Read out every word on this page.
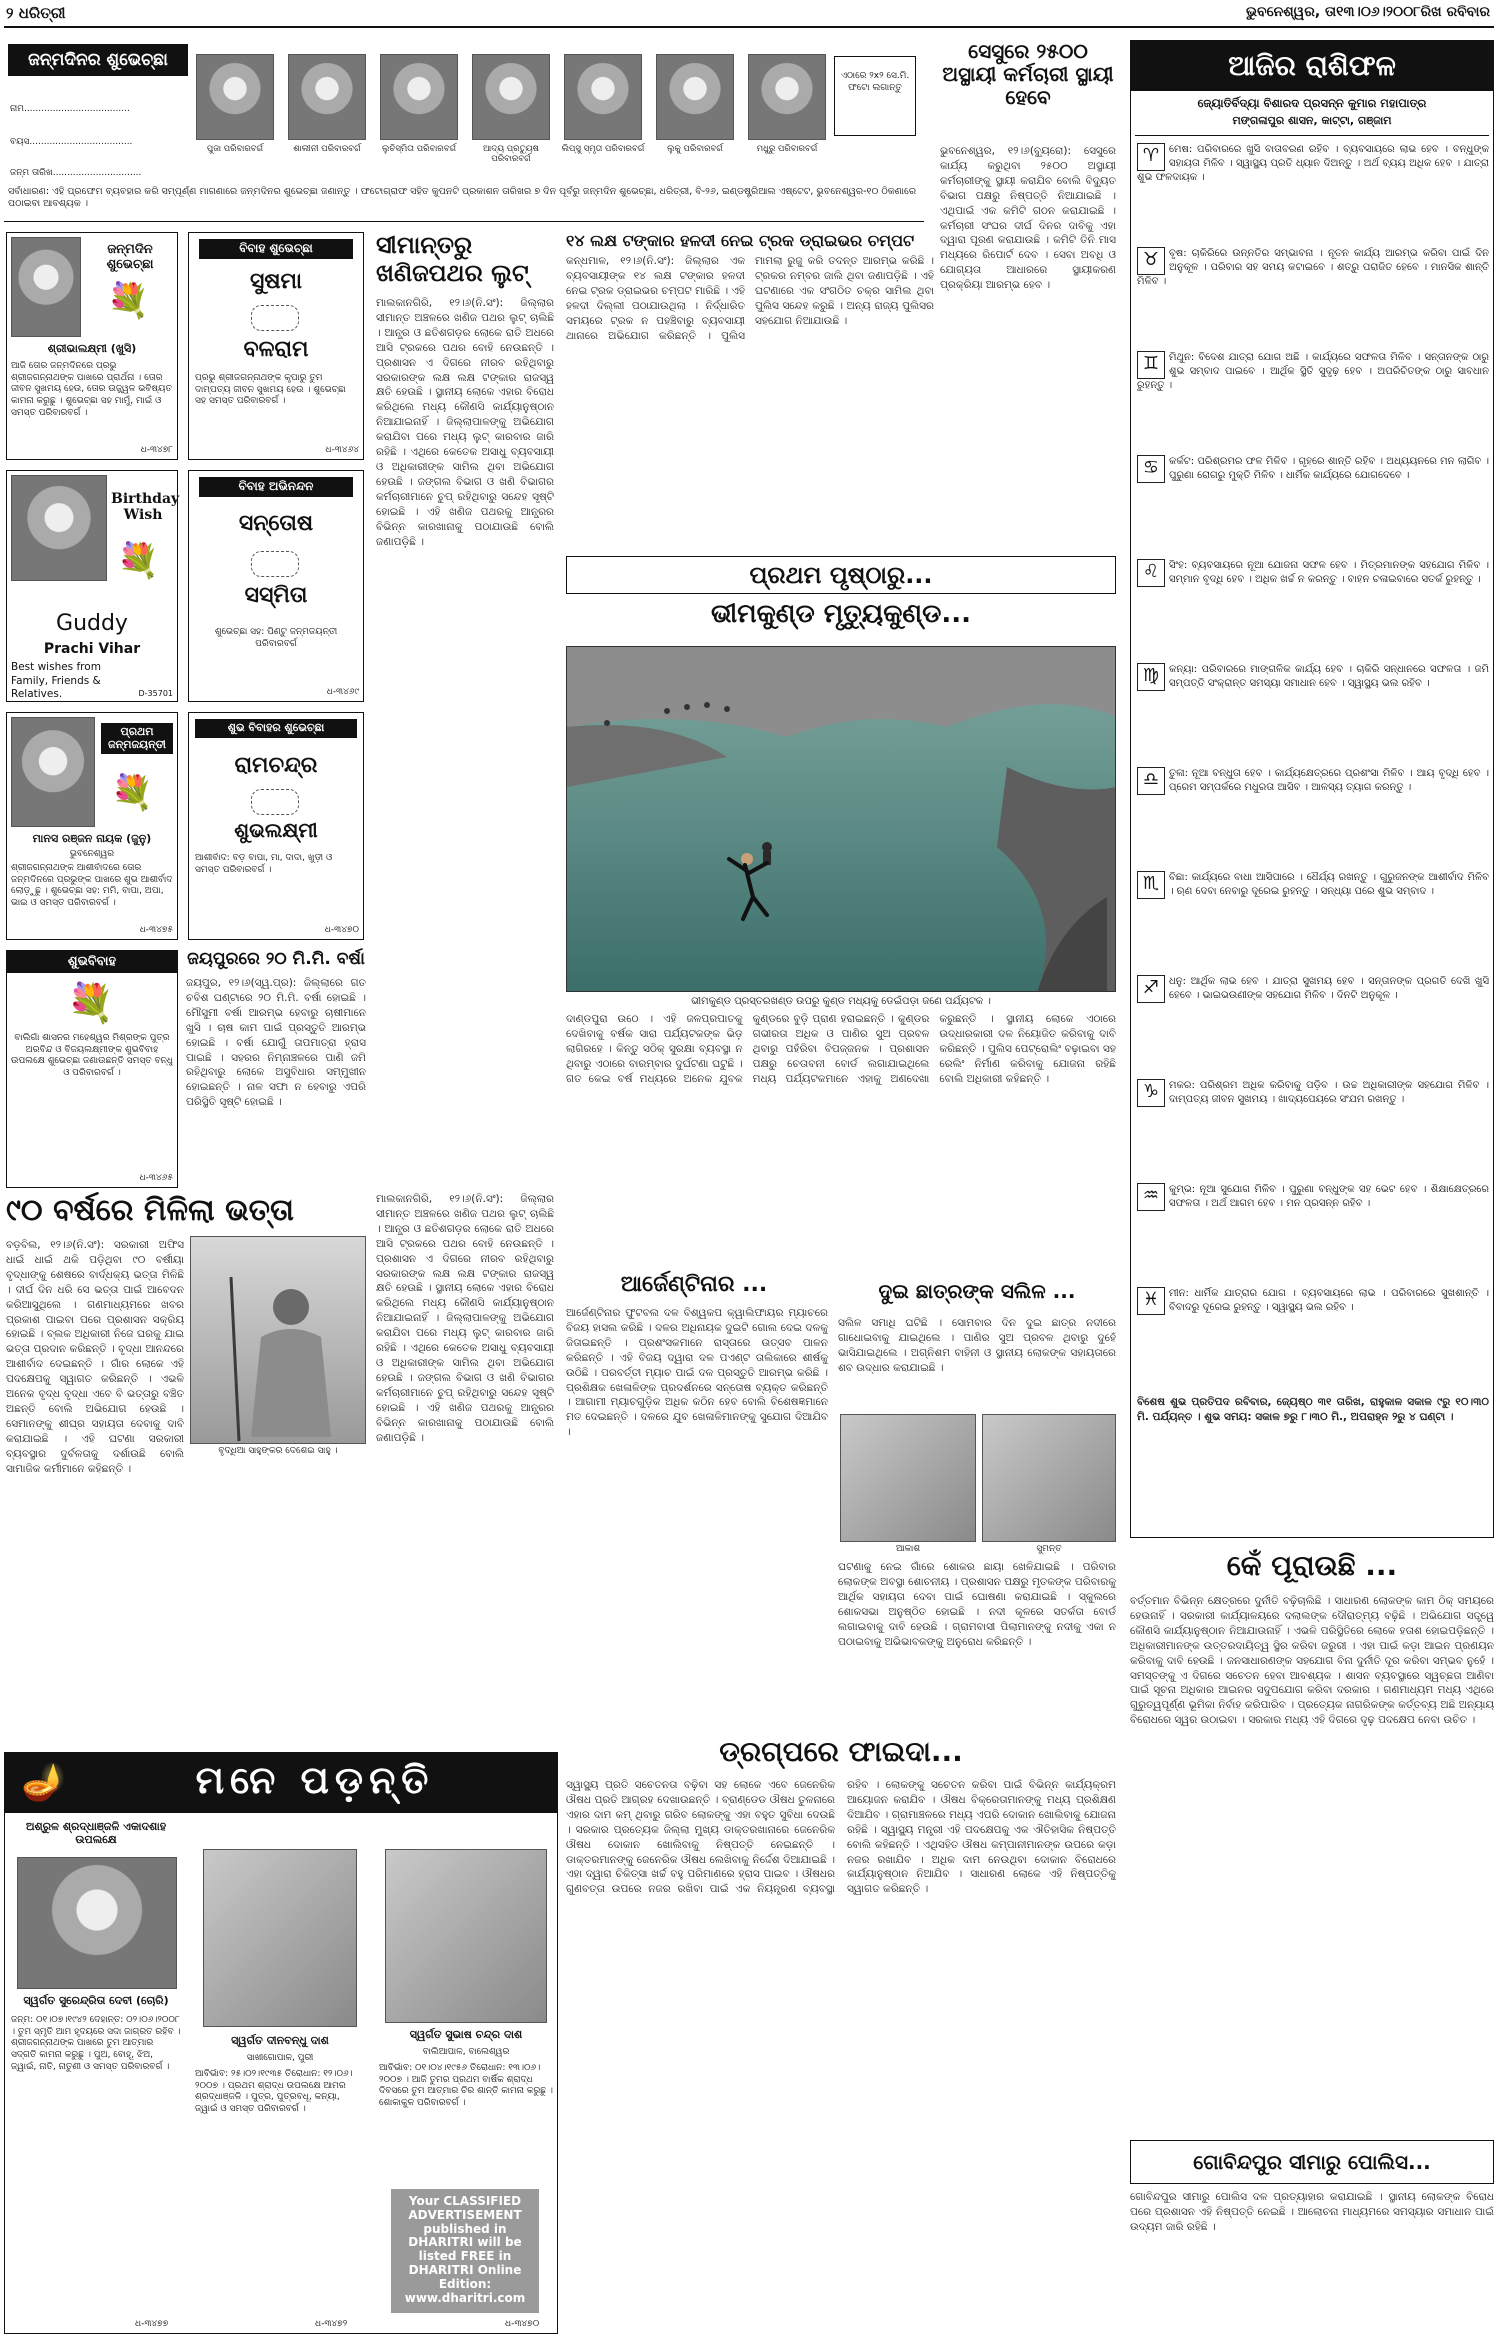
୨ ଧରିତ୍ରୀ	ଭୁବନେଶ୍ୱର, ତା୧୩।୦୬।୨୦୦୮ରିଖ ରବିବାର
ଜନ୍ମଦିନର ଶୁଭେଚ୍ଛା
ନାମ.....................................
ବୟସ....................................
ଜନ୍ମ ତାରିଖ...............................
ପୁଜା ପରିବାରବର୍ଗ	ଶାଲୀନୀ ପରିବାରବର୍ଗ	ଲୁଚିସ୍ମିତା ପରିବାରବର୍ଗ	ଆଦ୍ୟ ପ୍ରତ୍ୟୁଷ ପରିବାରବର୍ଗ
ଲିପ୍ସୁ ସ୍ମୃତା ପରିବାରବର୍ଗ	ଲୁକୁ ପରିବାରବର୍ଗ	ମଧୁରୁ ପରିବାରବର୍ଗ
ଏଠାରେ ୨x୨ ସେ.ମି. ଫଟୋ ଲଗାନ୍ତୁ
ସର୍ବାଧାରଣ: ଏହି ପ୍ରଫେମ ବ୍ୟବହାର କରି ସମ୍ପୂର୍ଣ୍ଣ ମାଗଣାରେ ଜନ୍ମଦିନର ଶୁଭେଚ୍ଛା ଜଣାନ୍ତୁ । ଫଟୋଗ୍ରାଫ ସହିତ କୁପନଟି ପ୍ରକାଶନ ତାରିଖର ୭ ଦିନ ପୂର୍ବରୁ ଜନ୍ମଦିନ ଶୁଭେଚ୍ଛା, ଧରିତ୍ରୀ, ବି-୨୬, ଇଣ୍ଡଷ୍ଟ୍ରିଆଲ ଏଷ୍ଟେଟ, ଭୁବନେଶ୍ୱର-୧୦ ଠିକଣାରେ ପଠାଇବା ଆବଶ୍ୟକ ।
ଜନ୍ମଦିନ ଶୁଭେଚ୍ଛା
💐
ଶ୍ରୀଭାଲକ୍ଷ୍ମୀ (ଖୁସି)
ଆଜି ତୋର ଜନ୍ମଦିନରେ ପ୍ରଭୁ ଶ୍ରୀଜଗନ୍ନାଥଙ୍କ ପାଖରେ ପ୍ରାର୍ଥନା । ତୋର ଜୀବନ ସୁଖମୟ ହେଉ, ତୋର ଉଜ୍ଜ୍ୱଳ ଭବିଷ୍ୟତ କାମନା କରୁଛୁ । ଶୁଭେଚ୍ଛା ସହ ମାମୁଁ, ମାଇଁ ଓ ସମସ୍ତ ପରିବାରବର୍ଗ ।
ଧ-୩୪୭୮
Birthday Wish
💐
Guddy
Prachi Vihar
Best wishes from Family, Friends & Relatives.	D-35701
ପ୍ରଥମ ଜନ୍ମଜୟନ୍ତୀ
💐
ମାନସ ରଞ୍ଜନ ନାୟକ (ଜୁନୁ)
ଭୁବନେଶ୍ୱର
ଶ୍ରୀଜଗନ୍ନାଥଙ୍କ ଆଶୀର୍ବାଦରେ ତୋର ଜନ୍ମଦିନରେ ପ୍ରଭୁଙ୍କ ପାଖରେ ଶୁଭ ଆଶୀର୍ବାଦ ଲୋଡ଼ୁଛୁ । ଶୁଭେଚ୍ଛା ସହ: ମମି, ବାପା, ଅପା, ଭାଇ ଓ ସମସ୍ତ ପରିବାରବର୍ଗ ।
ଧ-୩୪୭୫
ଶୁଭବିବାହ
💐
ବାଲିଗାଁ ଶାସନର ମହେଶ୍ୱର ମିଶ୍ରଙ୍କ ପୁତ୍ର ଅରବିନ୍ଦ ଓ ବିଜୟଲକ୍ଷ୍ମୀଙ୍କ ଶୁଭବିବାହ ଉପଲକ୍ଷେ ଶୁଭେଚ୍ଛା ଜଣାଉଛନ୍ତି ସମସ୍ତ ବନ୍ଧୁ ଓ ପରିବାରବର୍ଗ ।
ଧ-୩୪୬୫
ବିବାହ ଶୁଭେଚ୍ଛା
ସୁଷମା
ବଳରାମ
ପ୍ରଭୁ ଶ୍ରୀଜଗନ୍ନାଥଙ୍କ କୃପାରୁ ତୁମ ଦାମ୍ପତ୍ୟ ଜୀବନ ସୁଖମୟ ହେଉ । ଶୁଭେଚ୍ଛା ସହ ସମସ୍ତ ପରିବାରବର୍ଗ ।
ଧ-୩୪୬୪
ବିବାହ ଅଭିନନ୍ଦନ
ସନ୍ତୋଷ
ସସ୍ମିତା
ଶୁଭେଚ୍ଛା ସହ: ପିଣ୍ଟୁ ଜନ୍ମଜୟନ୍ତୀ ପରିବାରବର୍ଗ
ଧ-୩୪୬୯
ଶୁଭ ବିବାହର ଶୁଭେଚ୍ଛା
ରାମଚନ୍ଦ୍ର
ଶୁଭଲକ୍ଷ୍ମୀ
ଆଶୀର୍ବାଦ: ବଡ଼ ବାପା, ମା, ଦାଦା, ଖୁଡ଼ୀ ଓ ସମସ୍ତ ପରିବାରବର୍ଗ ।
ଧ-୩୪୭୦
ଜୟପୁରରେ ୨୦ ମି.ମି. ବର୍ଷା
ଜୟପୁର, ୧୨।୬(ସ୍ୱ.ପ୍ର): ଜିଲ୍ଲାରେ ଗତ ଚବିଶ ଘଣ୍ଟାରେ ୨୦ ମି.ମି. ବର୍ଷା ହୋଇଛି । ମୌସୁମୀ ବର୍ଷା ଆରମ୍ଭ ହେବାରୁ ଚାଷୀମାନେ ଖୁସି । ଚାଷ କାମ ପାଇଁ ପ୍ରସ୍ତୁତି ଆରମ୍ଭ ହୋଇଛି । ବର୍ଷା ଯୋଗୁଁ ତାପମାତ୍ରା ହ୍ରାସ ପାଇଛି । ସହରର ନିମ୍ନାଞ୍ଚଳରେ ପାଣି ଜମି ରହିଥିବାରୁ ଲୋକେ ଅସୁବିଧାର ସମ୍ମୁଖୀନ ହୋଇଛନ୍ତି । ନାଳ ସଫା ନ ହେବାରୁ ଏପରି ପରିସ୍ଥିତି ସୃଷ୍ଟି ହୋଇଛି ।
ସୀମାନ୍ତରୁ ଖଣିଜପଥର ଲୁଟ୍
ମାଲକାନଗିରି, ୧୨।୬(ନି.ସଂ): ଜିଲ୍ଲାର ସୀମାନ୍ତ ଅଞ୍ଚଳରେ ଖଣିଜ ପଥର ଲୁଟ୍ ଚାଲିଛି । ଆନ୍ଧ୍ର ଓ ଛତିଶଗଡ଼ର ଲୋକେ ରାତି ଅଧରେ ଆସି ଟ୍ରକରେ ପଥର ବୋହି ନେଉଛନ୍ତି । ପ୍ରଶାସନ ଏ ଦିଗରେ ନୀରବ ରହିଥିବାରୁ ସରକାରଙ୍କ ଲକ୍ଷ ଲକ୍ଷ ଟଙ୍କାର ରାଜସ୍ୱ କ୍ଷତି ହେଉଛି । ସ୍ଥାନୀୟ ଲୋକେ ଏହାର ବିରୋଧ କରିଥିଲେ ମଧ୍ୟ କୌଣସି କାର୍ଯ୍ୟାନୁଷ୍ଠାନ ନିଆଯାଇନାହିଁ । ଜିଲ୍ଲାପାଳଙ୍କୁ ଅଭିଯୋଗ କରାଯିବା ପରେ ମଧ୍ୟ ଲୁଟ୍ କାରବାର ଜାରି ରହିଛି । ଏଥିରେ କେତେକ ଅସାଧୁ ବ୍ୟବସାୟୀ ଓ ଅଧିକାରୀଙ୍କ ସାମିଲ ଥିବା ଅଭିଯୋଗ ହେଉଛି । ଜଙ୍ଗଲ ବିଭାଗ ଓ ଖଣି ବିଭାଗର କର୍ମଚାରୀମାନେ ଚୁପ୍ ରହିଥିବାରୁ ସନ୍ଦେହ ସୃଷ୍ଟି ହୋଇଛି । ଏହି ଖଣିଜ ପଥରକୁ ଆନ୍ଧ୍ରର ବିଭିନ୍ନ କାରଖାନାକୁ ପଠାଯାଉଛି ବୋଲି ଜଣାପଡ଼ିଛି ।
୧୪ ଲକ୍ଷ ଟଙ୍କାର ହଳଦୀ ନେଇ ଟ୍ରକ ଡ୍ରାଇଭର ଚମ୍ପଟ
କନ୍ଧମାଳ, ୧୨।୬(ନି.ସଂ): ଜିଲ୍ଲାର ଏକ ବ୍ୟବସାୟୀଙ୍କ ୧୪ ଲକ୍ଷ ଟଙ୍କାର ହଳଦୀ ନେଇ ଟ୍ରକ ଡ୍ରାଇଭର ଚମ୍ପଟ ମାରିଛି । ଏହି ହଳଦୀ ଦିଲ୍ଲୀ ପଠାଯାଉଥିଲା । ନିର୍ଦ୍ଧାରିତ ସମୟରେ ଟ୍ରକ ନ ପହଞ୍ଚିବାରୁ ବ୍ୟବସାୟୀ ଥାନାରେ ଅଭିଯୋଗ କରିଛନ୍ତି । ପୁଲିସ ମାମଲା ରୁଜୁ କରି ତଦନ୍ତ ଆରମ୍ଭ କରିଛି । ଟ୍ରକର ନମ୍ବର ଜାଲି ଥିବା ଜଣାପଡ଼ିଛି । ଏହି ଘଟଣାରେ ଏକ ସଂଗଠିତ ଚକ୍ର ସାମିଲ ଥିବା ପୁଲିସ ସନ୍ଦେହ କରୁଛି । ଅନ୍ୟ ରାଜ୍ୟ ପୁଲିସର ସହଯୋଗ ନିଆଯାଉଛି ।
ସେସୁରେ ୨୫୦୦ ଅସ୍ଥାୟୀ କର୍ମଚାରୀ ସ୍ଥାୟୀ ହେବେ
ଭୁବନେଶ୍ୱର, ୧୨।୬(ବ୍ୟୁରୋ): ସେସୁରେ କାର୍ଯ୍ୟ କରୁଥିବା ୨୫୦୦ ଅସ୍ଥାୟୀ କର୍ମଚାରୀଙ୍କୁ ସ୍ଥାୟୀ କରାଯିବ ବୋଲି ବିଦ୍ୟୁତ ବିଭାଗ ପକ୍ଷରୁ ନିଷ୍ପତ୍ତି ନିଆଯାଇଛି । ଏଥିପାଇଁ ଏକ କମିଟି ଗଠନ କରାଯାଇଛି । କର୍ମଚାରୀ ସଂଘର ଦୀର୍ଘ ଦିନର ଦାବିକୁ ଏହା ଦ୍ୱାରା ପୂରଣ କରାଯାଉଛି । କମିଟି ତିନି ମାସ ମଧ୍ୟରେ ରିପୋର୍ଟ ଦେବ । ସେବା ଅବଧି ଓ ଯୋଗ୍ୟତା ଆଧାରରେ ସ୍ଥାୟୀକରଣ ପ୍ରକ୍ରିୟା ଆରମ୍ଭ ହେବ ।
ପ୍ରଥମ ପୃଷ୍ଠାରୁ...
ଭୀମକୁଣ୍ଡ ମୃତ୍ୟୁକୁଣ୍ଡ...
ଭୀମକୁଣ୍ଡ ପ୍ରସ୍ତରଖଣ୍ଡ ଉପରୁ କୁଣ୍ଡ ମଧ୍ୟକୁ ଡେଇଁପଡ଼ା ଜଣେ ପର୍ଯ୍ୟଟକ ।
ଦାଣ୍ଡପୁରା ଉଠେ । ଏହି ଜଳପ୍ରପାତକୁ ଦେଖିବାକୁ ବର୍ଷକ ସାରା ପର୍ଯ୍ୟଟକଙ୍କ ଭିଡ଼ ଲାଗିରହେ । କିନ୍ତୁ ସଠିକ୍ ସୁରକ୍ଷା ବ୍ୟବସ୍ଥା ନ ଥିବାରୁ ଏଠାରେ ବାରମ୍ବାର ଦୁର୍ଘଟଣା ଘଟୁଛି । ଗତ କେଇ ବର୍ଷ ମଧ୍ୟରେ ଅନେକ ଯୁବକ କୁଣ୍ଡରେ ବୁଡ଼ି ପ୍ରାଣ ହରାଇଛନ୍ତି । କୁଣ୍ଡର ଗଭୀରତା ଅଧିକ ଓ ପାଣିର ସୁଅ ପ୍ରବଳ ଥିବାରୁ ପହଁରିବା ବିପଜ୍ଜନକ । ପ୍ରଶାସନ ପକ୍ଷରୁ ଚେତାବନୀ ବୋର୍ଡ ଲଗାଯାଇଥିଲେ ମଧ୍ୟ ପର୍ଯ୍ୟଟକମାନେ ଏହାକୁ ଅଣଦେଖା କରୁଛନ୍ତି । ସ୍ଥାନୀୟ ଲୋକେ ଏଠାରେ ଉଦ୍ଧାରକାରୀ ଦଳ ନିୟୋଜିତ କରିବାକୁ ଦାବି କରିଛନ୍ତି । ପୁଲିସ ପେଟ୍ରୋଲିଂ ବଢ଼ାଇବା ସହ ରେଲିଂ ନିର୍ମାଣ କରିବାକୁ ଯୋଜନା ରହିଛି ବୋଲି ଅଧିକାରୀ କହିଛନ୍ତି ।
୯୦ ବର୍ଷରେ ମିଳିଲା ଭତ୍ତା
ବୃଦ୍ଧିଆ ସାହୁଙ୍କର ଦେଶେଇ ସାହୁ ।
ବଡ଼ବିଲ, ୧୨।୬(ନି.ସଂ): ସରକାରୀ ଅଫିସ ଧାଇଁ ଧାଇଁ ଥକି ପଡ଼ିଥିବା ୯୦ ବର୍ଷୀୟା ବୃଦ୍ଧାଙ୍କୁ ଶେଷରେ ବାର୍ଦ୍ଧକ୍ୟ ଭତ୍ତା ମିଳିଛି । ଦୀର୍ଘ ଦିନ ଧରି ସେ ଭତ୍ତା ପାଇଁ ଆବେଦନ କରିଆସୁଥିଲେ । ଗଣମାଧ୍ୟମରେ ଖବର ପ୍ରକାଶ ପାଇବା ପରେ ପ୍ରଶାସନ ସକ୍ରିୟ ହୋଇଛି । ବ୍ଲକ ଅଧିକାରୀ ନିଜେ ଘରକୁ ଯାଇ ଭତ୍ତା ପ୍ରଦାନ କରିଛନ୍ତି । ବୃଦ୍ଧା ଆନନ୍ଦରେ ଆଶୀର୍ବାଦ ଦେଇଛନ୍ତି । ଗାଁର ଲୋକେ ଏହି ପଦକ୍ଷେପକୁ ସ୍ୱାଗତ କରିଛନ୍ତି । ଏଭଳି ଅନେକ ବୃଦ୍ଧ ବୃଦ୍ଧା ଏବେ ବି ଭତ୍ତାରୁ ବଞ୍ଚିତ ଅଛନ୍ତି ବୋଲି ଅଭିଯୋଗ ହେଉଛି । ସେମାନଙ୍କୁ ଶୀଘ୍ର ସହାୟତା ଦେବାକୁ ଦାବି କରାଯାଇଛି । ଏହି ଘଟଣା ସରକାରୀ ବ୍ୟବସ୍ଥାର ଦୁର୍ବଳତାକୁ ଦର୍ଶାଉଛି ବୋଲି ସାମାଜିକ କର୍ମୀମାନେ କହିଛନ୍ତି ।
ମାଲକାନଗିରି, ୧୨।୬(ନି.ସଂ): ଜିଲ୍ଲାର ସୀମାନ୍ତ ଅଞ୍ଚଳରେ ଖଣିଜ ପଥର ଲୁଟ୍ ଚାଲିଛି । ଆନ୍ଧ୍ର ଓ ଛତିଶଗଡ଼ର ଲୋକେ ରାତି ଅଧରେ ଆସି ଟ୍ରକରେ ପଥର ବୋହି ନେଉଛନ୍ତି । ପ୍ରଶାସନ ଏ ଦିଗରେ ନୀରବ ରହିଥିବାରୁ ସରକାରଙ୍କ ଲକ୍ଷ ଲକ୍ଷ ଟଙ୍କାର ରାଜସ୍ୱ କ୍ଷତି ହେଉଛି । ସ୍ଥାନୀୟ ଲୋକେ ଏହାର ବିରୋଧ କରିଥିଲେ ମଧ୍ୟ କୌଣସି କାର୍ଯ୍ୟାନୁଷ୍ଠାନ ନିଆଯାଇନାହିଁ । ଜିଲ୍ଲାପାଳଙ୍କୁ ଅଭିଯୋଗ କରାଯିବା ପରେ ମଧ୍ୟ ଲୁଟ୍ କାରବାର ଜାରି ରହିଛି । ଏଥିରେ କେତେକ ଅସାଧୁ ବ୍ୟବସାୟୀ ଓ ଅଧିକାରୀଙ୍କ ସାମିଲ ଥିବା ଅଭିଯୋଗ ହେଉଛି । ଜଙ୍ଗଲ ବିଭାଗ ଓ ଖଣି ବିଭାଗର କର୍ମଚାରୀମାନେ ଚୁପ୍ ରହିଥିବାରୁ ସନ୍ଦେହ ସୃଷ୍ଟି ହୋଇଛି । ଏହି ଖଣିଜ ପଥରକୁ ଆନ୍ଧ୍ରର ବିଭିନ୍ନ କାରଖାନାକୁ ପଠାଯାଉଛି ବୋଲି ଜଣାପଡ଼ିଛି ।
ଆର୍ଜେଣ୍ଟିନାର ...
ଆର୍ଜେଣ୍ଟିନାର ଫୁଟବଲ ଦଳ ବିଶ୍ୱକପ କ୍ୱାଲିଫାୟର ମ୍ୟାଚରେ ବିଜୟ ହାସଲ କରିଛି । ଦଳର ଅଧିନାୟକ ଦୁଇଟି ଗୋଲ ଦେଇ ଦଳକୁ ଜିତାଇଛନ୍ତି । ପ୍ରଶଂସକମାନେ ରାସ୍ତାରେ ଉତ୍ସବ ପାଳନ କରିଛନ୍ତି । ଏହି ବିଜୟ ଦ୍ୱାରା ଦଳ ପଏଣ୍ଟ ତାଲିକାରେ ଶୀର୍ଷକୁ ଉଠିଛି । ପରବର୍ତ୍ତୀ ମ୍ୟାଚ ପାଇଁ ଦଳ ପ୍ରସ୍ତୁତି ଆରମ୍ଭ କରିଛି । ପ୍ରଶିକ୍ଷକ ଖେଳାଳିଙ୍କ ପ୍ରଦର୍ଶନରେ ସନ୍ତୋଷ ବ୍ୟକ୍ତ କରିଛନ୍ତି । ଆଗାମୀ ମ୍ୟାଚଗୁଡ଼ିକ ଅଧିକ କଠିନ ହେବ ବୋଲି ବିଶେଷଜ୍ଞମାନେ ମତ ଦେଇଛନ୍ତି । ଦଳରେ ଯୁବ ଖେଳାଳିମାନଙ୍କୁ ସୁଯୋଗ ଦିଆଯିବ ।
ଦୁଇ ଛାତ୍ରଙ୍କ ସଲିଳ ...
ସଲିଳ ସମାଧି ଘଟିଛି । ସୋମବାର ଦିନ ଦୁଇ ଛାତ୍ର ନଦୀରେ ଗାଧୋଇବାକୁ ଯାଇଥିଲେ । ପାଣିର ସୁଅ ପ୍ରବଳ ଥିବାରୁ ଦୁହେଁ ଭାସିଯାଇଥିଲେ । ଅଗ୍ନିଶମ ବାହିନୀ ଓ ସ୍ଥାନୀୟ ଲୋକଙ୍କ ସହାୟତାରେ ଶବ ଉଦ୍ଧାର କରାଯାଇଛି ।
ଆକାଶ	ସୁମନ୍ତ
ଘଟଣାକୁ ନେଇ ଗାଁରେ ଶୋକର ଛାୟା ଖେଳିଯାଇଛି । ପରିବାର ଲୋକଙ୍କ ଅବସ୍ଥା ଶୋଚନୀୟ । ପ୍ରଶାସନ ପକ୍ଷରୁ ମୃତକଙ୍କ ପରିବାରକୁ ଆର୍ଥିକ ସହାୟତା ଦେବା ପାଇଁ ଘୋଷଣା କରାଯାଇଛି । ସ୍କୁଲରେ ଶୋକସଭା ଅନୁଷ୍ଠିତ ହୋଇଛି । ନଦୀ କୂଳରେ ସତର୍କତା ବୋର୍ଡ ଲଗାଇବାକୁ ଦାବି ହେଉଛି । ଗ୍ରାମବାସୀ ପିଲାମାନଙ୍କୁ ନଦୀକୁ ଏକା ନ ପଠାଇବାକୁ ଅଭିଭାବକଙ୍କୁ ଅନୁରୋଧ କରିଛନ୍ତି ।
ଡ୍ରଗ୍‌ପରେ ଫାଇଦା...
ସ୍ୱାସ୍ଥ୍ୟ ପ୍ରତି ସଚେତନତା ବଢ଼ିବା ସହ ଲୋକେ ଏବେ ଜେନେରିକ ଔଷଧ ପ୍ରତି ଆଗ୍ରହ ଦେଖାଉଛନ୍ତି । ବ୍ରାଣ୍ଡେଡ ଔଷଧ ତୁଳନାରେ ଏହାର ଦାମ କମ୍ ଥିବାରୁ ଗରିବ ଲୋକଙ୍କୁ ଏହା ବହୁତ ସୁବିଧା ଦେଉଛି । ସରକାର ପ୍ରତ୍ୟେକ ଜିଲ୍ଲା ମୁଖ୍ୟ ଡାକ୍ତରଖାନାରେ ଜେନେରିକ ଔଷଧ ଦୋକାନ ଖୋଲିବାକୁ ନିଷ୍ପତ୍ତି ନେଇଛନ୍ତି । ଡାକ୍ତରମାନଙ୍କୁ ଜେନେରିକ ଔଷଧ ଲେଖିବାକୁ ନିର୍ଦ୍ଦେଶ ଦିଆଯାଇଛି । ଏହା ଦ୍ୱାରା ଚିକିତ୍ସା ଖର୍ଚ୍ଚ ବହୁ ପରିମାଣରେ ହ୍ରାସ ପାଇବ । ଔଷଧର ଗୁଣବତ୍ତା ଉପରେ ନଜର ରଖିବା ପାଇଁ ଏକ ନିୟନ୍ତ୍ରଣ ବ୍ୟବସ୍ଥା ରହିବ । ଲୋକଙ୍କୁ ସଚେତନ କରିବା ପାଇଁ ବିଭିନ୍ନ କାର୍ଯ୍ୟକ୍ରମ ଆୟୋଜନ କରାଯିବ । ଔଷଧ ବିକ୍ରେତାମାନଙ୍କୁ ମଧ୍ୟ ପ୍ରଶିକ୍ଷଣ ଦିଆଯିବ । ଗ୍ରାମାଞ୍ଚଳରେ ମଧ୍ୟ ଏପରି ଦୋକାନ ଖୋଲିବାକୁ ଯୋଜନା ରହିଛି । ସ୍ୱାସ୍ଥ୍ୟ ମନ୍ତ୍ରୀ ଏହି ପଦକ୍ଷେପକୁ ଏକ ଐତିହାସିକ ନିଷ୍ପତ୍ତି ବୋଲି କହିଛନ୍ତି । ଏଥିସହିତ ଔଷଧ କମ୍ପାନୀମାନଙ୍କ ଉପରେ କଡ଼ା ନଜର ରଖାଯିବ । ଅଧିକ ଦାମ ନେଉଥିବା ଦୋକାନ ବିରୋଧରେ କାର୍ଯ୍ୟାନୁଷ୍ଠାନ ନିଆଯିବ । ସାଧାରଣ ଲୋକେ ଏହି ନିଷ୍ପତ୍ତିକୁ ସ୍ୱାଗତ କରିଛନ୍ତି ।
🪔	ମନେ ପଡ଼ନ୍ତି
ଅଶ୍ରୁଳ ଶ୍ରଦ୍ଧାଞ୍ଜଳି ଏକାଦଶାହ ଉପଲକ୍ଷେ
ସ୍ୱର୍ଗତ ସୁରେନ୍ଦ୍ରିତା ଦେବୀ (ଚୋରି)
ଜନ୍ମ: ୦୧।୦୭।୧୯୪୨ ଦେହାନ୍ତ: ୦୨।୦୬।୨୦୦୮ । ତୁମ ସ୍ମୃତି ଆମ ହୃଦୟରେ ସଦା ଜାଗ୍ରତ ରହିବ । ଶ୍ରୀଜଗନ୍ନାଥଙ୍କ ପାଖରେ ତୁମ ଆତ୍ମାର ସଦ୍ଗତି କାମନା କରୁଛୁ । ପୁଅ, ବୋହୂ, ଝିଅ, ଜ୍ୱାଇଁ, ନାତି, ନାତୁଣୀ ଓ ସମସ୍ତ ପରିବାରବର୍ଗ ।
ଧ-୩୪୭୭
ସ୍ୱର୍ଗତ ଦୀନବନ୍ଧୁ ଦାଶ
ସାଖୀଗୋପାଳ, ପୁରୀ
ଆବିର୍ଭାବ: ୨୫।୦୨।୧୯୩୫ ତିରୋଧାନ: ୧୨।୦୬।୨୦୦୭ । ପ୍ରଥମ ଶ୍ରାଦ୍ଧ ଉପଲକ୍ଷେ ଆମର ଶ୍ରଦ୍ଧାଞ୍ଜଳି । ପୁତ୍ର, ପୁତ୍ରବଧୂ, କନ୍ୟା, ଜ୍ୱାଇଁ ଓ ସମସ୍ତ ପରିବାରବର୍ଗ ।
ଧ-୩୪୭୨
ସ୍ୱର୍ଗତ ସୁଭାଷ ଚନ୍ଦ୍ର ଦାଶ
ବାଲିଆପାଳ, ବାଲେଶ୍ୱର
ଆବିର୍ଭାବ: ୦୧।୦୪।୧୯୫୬ ତିରୋଧାନ: ୧୩।୦୬।୨୦୦୭ । ଆଜି ତୁମର ପ୍ରଥମ ବାର୍ଷିକ ଶ୍ରାଦ୍ଧ ଦିବସରେ ତୁମ ଆତ୍ମାର ଚିର ଶାନ୍ତି କାମନା କରୁଛୁ । ଶୋକାକୁଳ ପରିବାରବର୍ଗ ।
Your CLASSIFIED ADVERTISEMENT published in DHARITRI will be listed FREE in DHARITRI Online Edition: www.dharitri.com
ଧ-୩୪୭୦
ଆଜିର ରାଶିଫଳ
ଜ୍ୟୋତିର୍ବିଦ୍ୟା ବିଶାରଦ ପ୍ରସନ୍ନ କୁମାର ମହାପାତ୍ର
ମଙ୍ଗଳାପୁର ଶାସନ, କାଟ୍ଟା, ଗଞ୍ଜାମ
♈ ମେଷ: ପରିବାରରେ ଖୁସି ବାତାବରଣ ରହିବ । ବ୍ୟବସାୟରେ ଲାଭ ହେବ । ବନ୍ଧୁଙ୍କ ସହାୟତା ମିଳିବ । ସ୍ୱାସ୍ଥ୍ୟ ପ୍ରତି ଧ୍ୟାନ ଦିଅନ୍ତୁ । ଅର୍ଥ ବ୍ୟୟ ଅଧିକ ହେବ । ଯାତ୍ରା ଶୁଭ ଫଳଦାୟକ ।
♉ ବୃଷ: ଚାକିରିରେ ଉନ୍ନତିର ସମ୍ଭାବନା । ନୂତନ କାର୍ଯ୍ୟ ଆରମ୍ଭ କରିବା ପାଇଁ ଦିନ ଅନୁକୂଳ । ପରିବାର ସହ ସମୟ କଟାଇବେ । ଶତ୍ରୁ ପରାଜିତ ହେବେ । ମାନସିକ ଶାନ୍ତି ମିଳିବ ।
♊ ମିଥୁନ: ବିଦେଶ ଯାତ୍ରା ଯୋଗ ଅଛି । କାର୍ଯ୍ୟରେ ସଫଳତା ମିଳିବ । ସନ୍ତାନଙ୍କ ଠାରୁ ଶୁଭ ସମ୍ବାଦ ପାଇବେ । ଆର୍ଥିକ ସ୍ଥିତି ସୁଦୃଢ଼ ହେବ । ଅପରିଚିତଙ୍କ ଠାରୁ ସାବଧାନ ରୁହନ୍ତୁ ।
♋ କର୍କଟ: ପରିଶ୍ରମର ଫଳ ମିଳିବ । ଗୃହରେ ଶାନ୍ତି ରହିବ । ଅଧ୍ୟୟନରେ ମନ ଲାଗିବ । ପୁରୁଣା ରୋଗରୁ ମୁକ୍ତି ମିଳିବ । ଧାର୍ମିକ କାର୍ଯ୍ୟରେ ଯୋଗଦେବେ ।
♌ ସିଂହ: ବ୍ୟବସାୟରେ ନୂଆ ଯୋଜନା ସଫଳ ହେବ । ମିତ୍ରମାନଙ୍କ ସହଯୋଗ ମିଳିବ । ସମ୍ମାନ ବୃଦ୍ଧି ହେବ । ଅଧିକ ଖର୍ଚ୍ଚ ନ କରନ୍ତୁ । ବାହନ ଚଳାଇବାରେ ସତର୍କ ରୁହନ୍ତୁ ।
♍ କନ୍ୟା: ପରିବାରରେ ମାଙ୍ଗଳିକ କାର୍ଯ୍ୟ ହେବ । ଚାକିରି ସନ୍ଧାନରେ ସଫଳତା । ଜମି ସମ୍ପତ୍ତି ସଂକ୍ରାନ୍ତ ସମସ୍ୟା ସମାଧାନ ହେବ । ସ୍ୱାସ୍ଥ୍ୟ ଭଲ ରହିବ ।
♎ ତୁଳା: ନୂଆ ବନ୍ଧୁତା ହେବ । କାର୍ଯ୍ୟକ୍ଷେତ୍ରରେ ପ୍ରଶଂସା ମିଳିବ । ଆୟ ବୃଦ୍ଧି ହେବ । ପ୍ରେମ ସମ୍ପର୍କରେ ମଧୁରତା ଆସିବ । ଆଳସ୍ୟ ତ୍ୟାଗ କରନ୍ତୁ ।
♏ ବିଛା: କାର୍ଯ୍ୟରେ ବାଧା ଆସିପାରେ । ଧୈର୍ଯ୍ୟ ରଖନ୍ତୁ । ଗୁରୁଜନଙ୍କ ଆଶୀର୍ବାଦ ମିଳିବ । ଋଣ ଦେବା ନେବାରୁ ଦୂରେଇ ରୁହନ୍ତୁ । ସନ୍ଧ୍ୟା ପରେ ଶୁଭ ସମ୍ବାଦ ।
♐ ଧନୁ: ଆର୍ଥିକ ଲାଭ ହେବ । ଯାତ୍ରା ସୁଖମୟ ହେବ । ସନ୍ତାନଙ୍କ ପ୍ରଗତି ଦେଖି ଖୁସି ହେବେ । ଭାଇଭଉଣୀଙ୍କ ସହଯୋଗ ମିଳିବ । ଦିନଟି ଅନୁକୂଳ ।
♑ ମକର: ପରିଶ୍ରମ ଅଧିକ କରିବାକୁ ପଡ଼ିବ । ଉଚ୍ଚ ଅଧିକାରୀଙ୍କ ସହଯୋଗ ମିଳିବ । ଦାମ୍ପତ୍ୟ ଜୀବନ ସୁଖମୟ । ଖାଦ୍ୟପେୟରେ ସଂଯମ ରଖନ୍ତୁ ।
♒ କୁମ୍ଭ: ନୂଆ ସୁଯୋଗ ମିଳିବ । ପୁରୁଣା ବନ୍ଧୁଙ୍କ ସହ ଭେଟ ହେବ । ଶିକ୍ଷାକ୍ଷେତ୍ରରେ ସଫଳତା । ଅର୍ଥ ଆଗମ ହେବ । ମନ ପ୍ରସନ୍ନ ରହିବ ।
♓ ମୀନ: ଧାର୍ମିକ ଯାତ୍ରାର ଯୋଗ । ବ୍ୟବସାୟରେ ଲାଭ । ପରିବାରରେ ସୁଖଶାନ୍ତି । ବିବାଦରୁ ଦୂରେଇ ରୁହନ୍ତୁ । ସ୍ୱାସ୍ଥ୍ୟ ଭଲ ରହିବ ।
ବିଶେଷ ଶୁଭ ପ୍ରତିପଦ ରବିବାର, ଜ୍ୟେଷ୍ଠ ୩୧ ତାରିଖ, ରାହୁକାଳ ସକାଳ ୯ରୁ ୧୦।୩୦ ମି. ପର୍ଯ୍ୟନ୍ତ । ଶୁଭ ସମୟ: ସକାଳ ୭ରୁ ୮।୩୦ ମି., ଅପରାହ୍ନ ୨ରୁ ୪ ଘଣ୍ଟା ।
କେଁ ପୂରାଉଛି ...
ବର୍ତ୍ତମାନ ବିଭିନ୍ନ କ୍ଷେତ୍ରରେ ଦୁର୍ନୀତି ବଢ଼ିଚାଲିଛି । ସାଧାରଣ ଲୋକଙ୍କ କାମ ଠିକ୍ ସମୟରେ ହେଉନାହିଁ । ସରକାରୀ କାର୍ଯ୍ୟାଳୟରେ ଦଲାଲଙ୍କ ଦୌରାତ୍ମ୍ୟ ବଢ଼ିଛି । ଅଭିଯୋଗ ସତ୍ତ୍ୱେ କୌଣସି କାର୍ଯ୍ୟାନୁଷ୍ଠାନ ନିଆଯାଉନାହିଁ । ଏଭଳି ପରିସ୍ଥିତିରେ ଲୋକେ ହତାଶ ହୋଇପଡ଼ିଛନ୍ତି । ଅଧିକାରୀମାନଙ୍କ ଉତ୍ତରଦାୟିତ୍ୱ ସ୍ଥିର କରିବା ଜରୁରୀ । ଏହା ପାଇଁ କଡ଼ା ଆଇନ ପ୍ରଣୟନ କରିବାକୁ ଦାବି ହେଉଛି । ଜନସାଧାରଣଙ୍କ ସହଯୋଗ ବିନା ଦୁର୍ନୀତି ଦୂର କରିବା ସମ୍ଭବ ନୁହେଁ । ସମସ୍ତଙ୍କୁ ଏ ଦିଗରେ ସଚେତନ ହେବା ଆବଶ୍ୟକ । ଶାସନ ବ୍ୟବସ୍ଥାରେ ସ୍ୱଚ୍ଛତା ଆଣିବା ପାଇଁ ସୂଚନା ଅଧିକାର ଆଇନର ସଦୁପଯୋଗ କରିବା ଦରକାର । ଗଣମାଧ୍ୟମ ମଧ୍ୟ ଏଥିରେ ଗୁରୁତ୍ୱପୂର୍ଣ୍ଣ ଭୂମିକା ନିର୍ବାହ କରିପାରିବ । ପ୍ରତ୍ୟେକ ନାଗରିକଙ୍କ କର୍ତ୍ତବ୍ୟ ଅଛି ଅନ୍ୟାୟ ବିରୋଧରେ ସ୍ୱର ଉଠାଇବା । ସରକାର ମଧ୍ୟ ଏହି ଦିଗରେ ଦୃଢ଼ ପଦକ୍ଷେପ ନେବା ଉଚିତ ।
ଗୋବିନ୍ଦପୁର ସୀମାରୁ ପୋଲିସ...
ଗୋବିନ୍ଦପୁର ସୀମାରୁ ପୋଲିସ ଦଳ ପ୍ରତ୍ୟାହାର କରାଯାଇଛି । ସ୍ଥାନୀୟ ଲୋକଙ୍କ ବିରୋଧ ପରେ ପ୍ରଶାସନ ଏହି ନିଷ୍ପତ୍ତି ନେଇଛି । ଆଲୋଚନା ମାଧ୍ୟମରେ ସମସ୍ୟାର ସମାଧାନ ପାଇଁ ଉଦ୍ୟମ ଜାରି ରହିଛି ।
